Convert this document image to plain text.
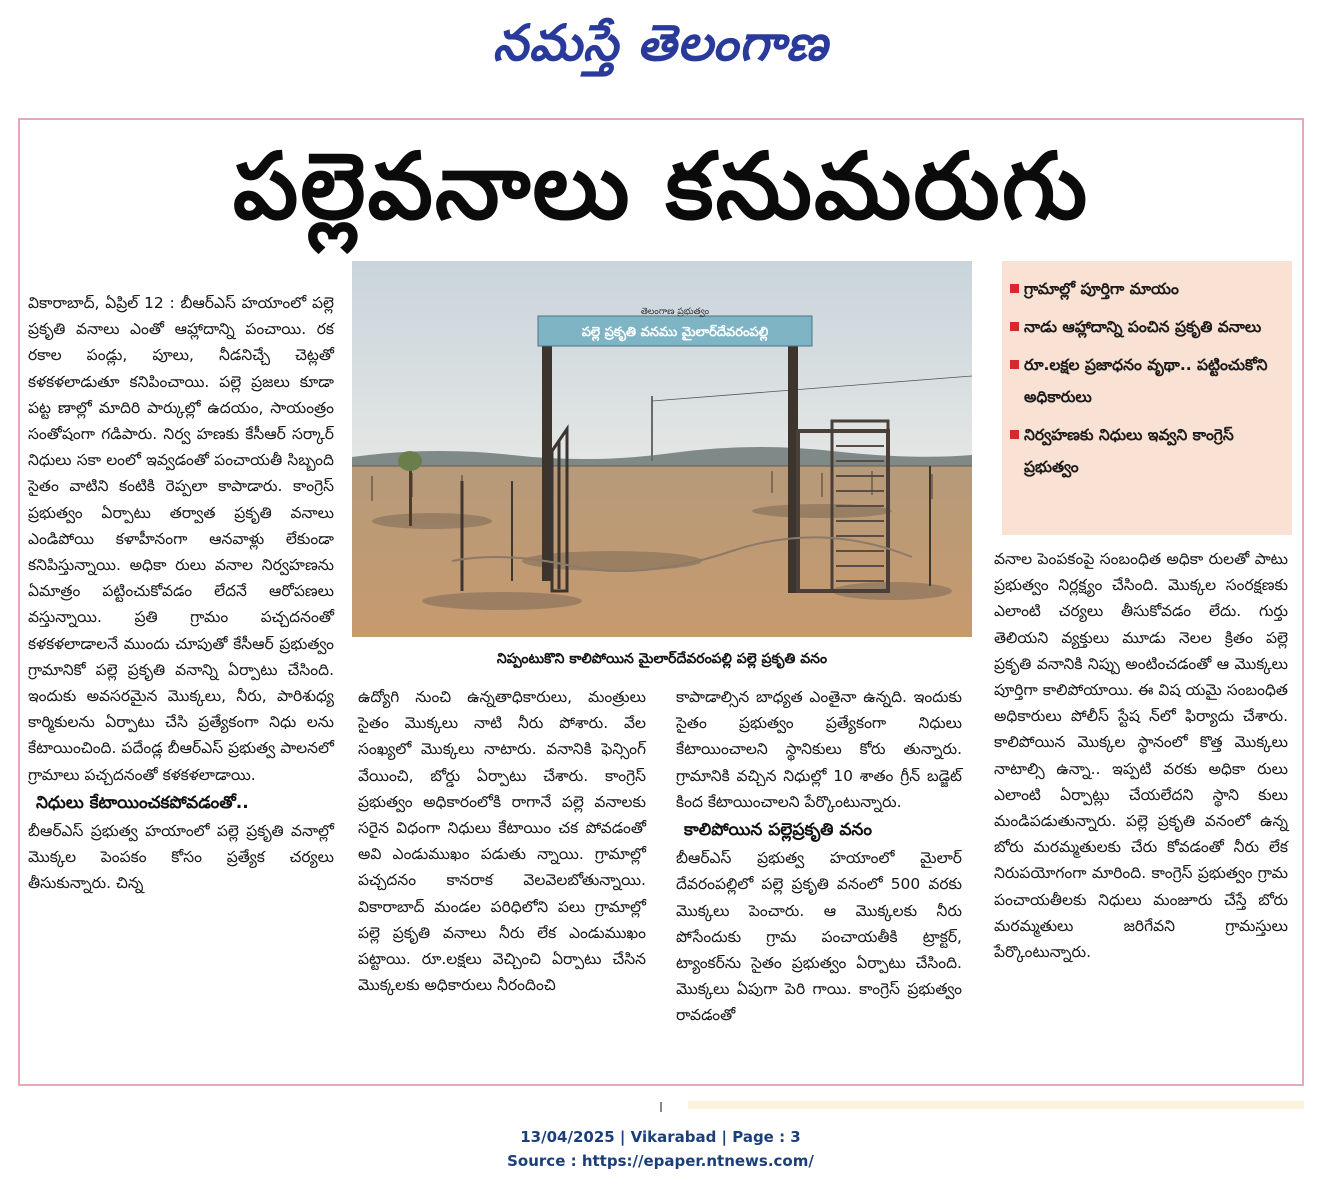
నమస్తే తెలంగాణ
పల్లెవనాలు కనుమరుగు

వికారాబాద్, ఏప్రిల్ 12 : బీఆర్ఎస్ హయాంలో పల్లె ప్రకృతి వనాలు ఎంతో ఆహ్లాదాన్ని పంచాయి. రక రకాల పండ్లు, పూలు, నీడనిచ్చే చెట్లతో కళకళలాడుతూ కనిపించాయి. పల్లె ప్రజలు కూడా పట్ట ణాల్లో మాదిరి పార్కుల్లో ఉదయం, సాయంత్రం సంతోషంగా గడిపారు. నిర్వ హణకు కేసీఆర్ సర్కార్ నిధులు సకా లంలో ఇవ్వడంతో పంచాయతీ సిబ్బంది సైతం వాటిని కంటికి రెప్పలా కాపాడారు. కాంగ్రెస్ ప్రభుత్వం ఏర్పాటు తర్వాత ప్రకృతి వనాలు ఎండిపోయి కళాహీనంగా ఆనవాళ్లు లేకుండా కనిపిస్తున్నాయి. అధికా రులు వనాల నిర్వహణను ఏమాత్రం పట్టించుకోవడం లేదనే ఆరోపణలు వస్తున్నాయి. ప్రతి గ్రామం పచ్చదనంతో కళకళలాడాలనే ముందు చూపుతో కేసీఆర్ ప్రభుత్వం గ్రామానికో పల్లె ప్రకృతి వనాన్ని ఏర్పాటు చేసింది. ఇందుకు అవసరమైన మొక్కలు, నీరు, పారిశుధ్య కార్మికులను ఏర్పాటు చేసి ప్రత్యేకంగా నిధు లను కేటాయించింది. పదేండ్ల బీఆర్ఎస్ ప్రభుత్వ పాలనలో గ్రామాలు పచ్చదనంతో కళకళలాడాయి.

నిధులు కేటాయించకపోవడంతో..

బీఆర్ఎస్ ప్రభుత్వ హయాంలో పల్లె ప్రకృతి వనాల్లో మొక్కల పెంపకం కోసం ప్రత్యేక చర్యలు తీసుకున్నారు. చిన్న

తెలంగాణ ప్రభుత్వం
పల్లె ప్రకృతి వనము మైలార్‌దేవరంపల్లి
నిప్పంటుకొని కాలిపోయిన మైలార్‌దేవరంపల్లి పల్లె ప్రకృతి వనం
గ్రామాల్లో పూర్తిగా మాయం
నాడు ఆహ్లాదాన్ని పంచిన ప్రకృతి వనాలు
రూ.లక్షల ప్రజాధనం వృథా.. పట్టించుకోని అధికారులు
నిర్వహణకు నిధులు ఇవ్వని కాంగ్రెస్ ప్రభుత్వం

ఉద్యోగి నుంచి ఉన్నతాధికారులు, మంత్రులు సైతం మొక్కలు నాటి నీరు పోశారు. వేల సంఖ్యలో మొక్కలు నాటారు. వనానికి ఫెన్సింగ్ వేయించి, బోర్డు ఏర్పాటు చేశారు. కాంగ్రెస్ ప్రభుత్వం అధికారంలోకి రాగానే పల్లె వనాలకు సరైన విధంగా నిధులు కేటాయిం చక పోవడంతో అవి ఎండుముఖం పడుతు న్నాయి. గ్రామాల్లో పచ్చదనం కానరాక వెలవెలబోతున్నాయి. వికారాబాద్ మండల పరిధిలోని పలు గ్రామాల్లో పల్లె ప్రకృతి వనాలు నీరు లేక ఎండుముఖం పట్టాయి. రూ.లక్షలు వెచ్చించి ఏర్పాటు చేసిన మొక్కలకు అధికారులు నీరందించి

కాపాడాల్సిన బాధ్యత ఎంతైనా ఉన్నది. ఇందుకు సైతం ప్రభుత్వం ప్రత్యేకంగా నిధులు కేటాయించాలని స్థానికులు కోరు తున్నారు. గ్రామానికి వచ్చిన నిధుల్లో 10 శాతం గ్రీన్ బడ్జెట్ కింద కేటాయించాలని పేర్కొంటున్నారు.

కాలిపోయిన పల్లెప్రకృతి వనం

బీఆర్ఎస్ ప్రభుత్వ హయాంలో మైలార్ దేవరంపల్లిలో పల్లె ప్రకృతి వనంలో 500 వరకు మొక్కలు పెంచారు. ఆ మొక్కలకు నీరు పోసేందుకు గ్రామ పంచాయతీకి ట్రాక్టర్, ట్యాంకర్‌ను సైతం ప్రభుత్వం ఏర్పాటు చేసింది. మొక్కలు ఏపుగా పెరి గాయి. కాంగ్రెస్ ప్రభుత్వం రావడంతో

వనాల పెంపకంపై సంబంధిత అధికా రులతో పాటు ప్రభుత్వం నిర్లక్ష్యం చేసింది. మొక్కల సంరక్షణకు ఎలాంటి చర్యలు తీసుకోవడం లేదు. గుర్తు తెలియని వ్యక్తులు మూడు నెలల క్రితం పల్లె ప్రకృతి వనానికి నిప్పు అంటించడంతో ఆ మొక్కలు పూర్తిగా కాలిపోయాయి. ఈ విష యమై సంబంధిత అధికారులు పోలీస్ స్టేష న్‌లో ఫిర్యాదు చేశారు. కాలిపోయిన మొక్కల స్థానంలో కొత్త మొక్కలు నాటాల్సి ఉన్నా.. ఇప్పటి వరకు అధికా రులు ఎలాంటి ఏర్పాట్లు చేయలేదని స్థాని కులు మండిపడుతున్నారు. పల్లె ప్రకృతి వనంలో ఉన్న బోరు మరమ్మతులకు చేరు కోవడంతో నీరు లేక నిరుపయోగంగా మారింది. కాంగ్రెస్ ప్రభుత్వం గ్రామ పంచాయతీలకు నిధులు మంజూరు చేస్తే బోరు మరమ్మతులు జరిగేవని గ్రామస్తులు పేర్కొంటున్నారు.

13/04/2025 | Vikarabad | Page : 3
Source : https://epaper.ntnews.com/
